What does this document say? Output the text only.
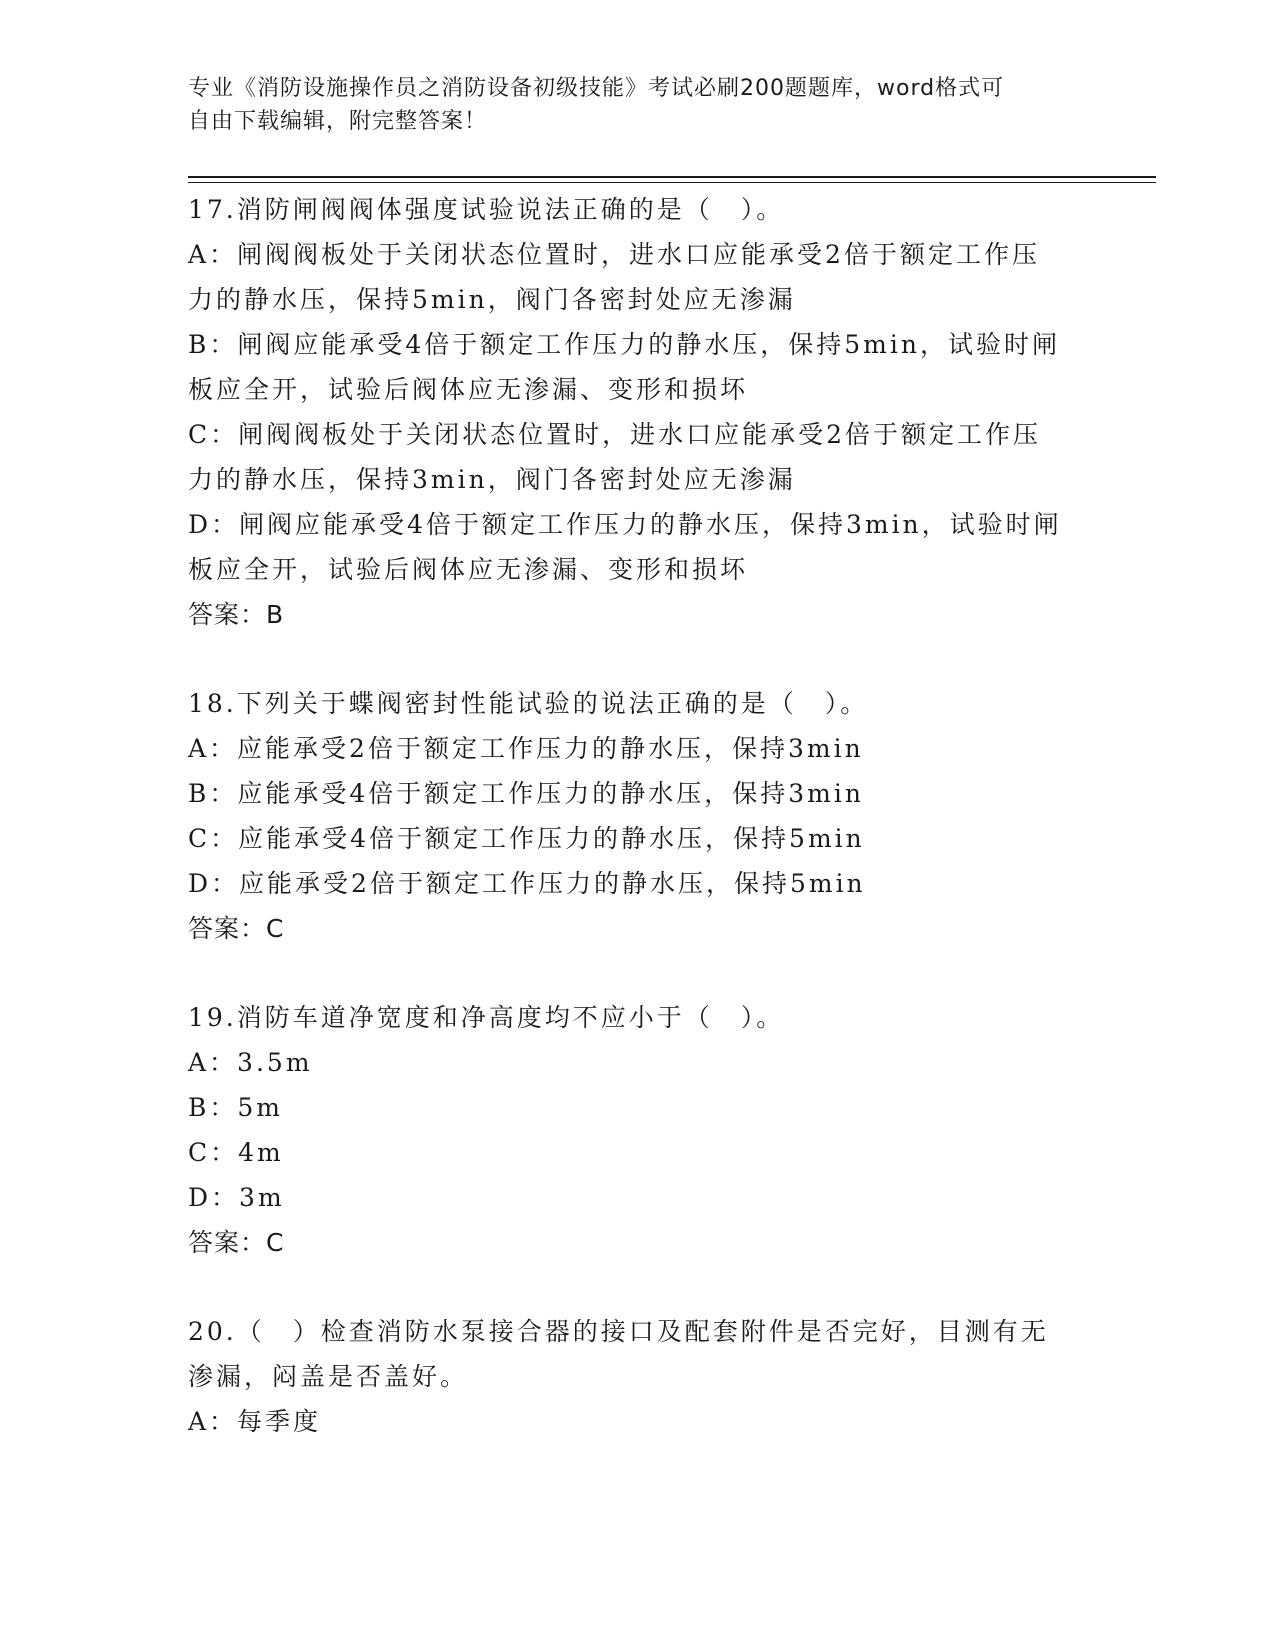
专业《消防设施操作员之消防设备初级技能》考试必刷200题题库，word格式可
自由下载编辑，附完整答案！
17.消防闸阀阀体强度试验说法正确的是（　）。
A：闸阀阀板处于关闭状态位置时，进水口应能承受2倍于额定工作压
力的静水压，保持5min，阀门各密封处应无渗漏
B：闸阀应能承受4倍于额定工作压力的静水压，保持5min，试验时闸
板应全开，试验后阀体应无渗漏、变形和损坏
C：闸阀阀板处于关闭状态位置时，进水口应能承受2倍于额定工作压
力的静水压，保持3min，阀门各密封处应无渗漏
D：闸阀应能承受4倍于额定工作压力的静水压，保持3min，试验时闸
板应全开，试验后阀体应无渗漏、变形和损坏
答案：B
18.下列关于蝶阀密封性能试验的说法正确的是（　）。
A：应能承受2倍于额定工作压力的静水压，保持3min
B：应能承受4倍于额定工作压力的静水压，保持3min
C：应能承受4倍于额定工作压力的静水压，保持5min
D：应能承受2倍于额定工作压力的静水压，保持5min
答案：C
19.消防车道净宽度和净高度均不应小于（　）。
A：3.5m
B：5m
C：4m
D：3m
答案：C
20.（　）检查消防水泵接合器的接口及配套附件是否完好，目测有无
渗漏，闷盖是否盖好。
A：每季度
